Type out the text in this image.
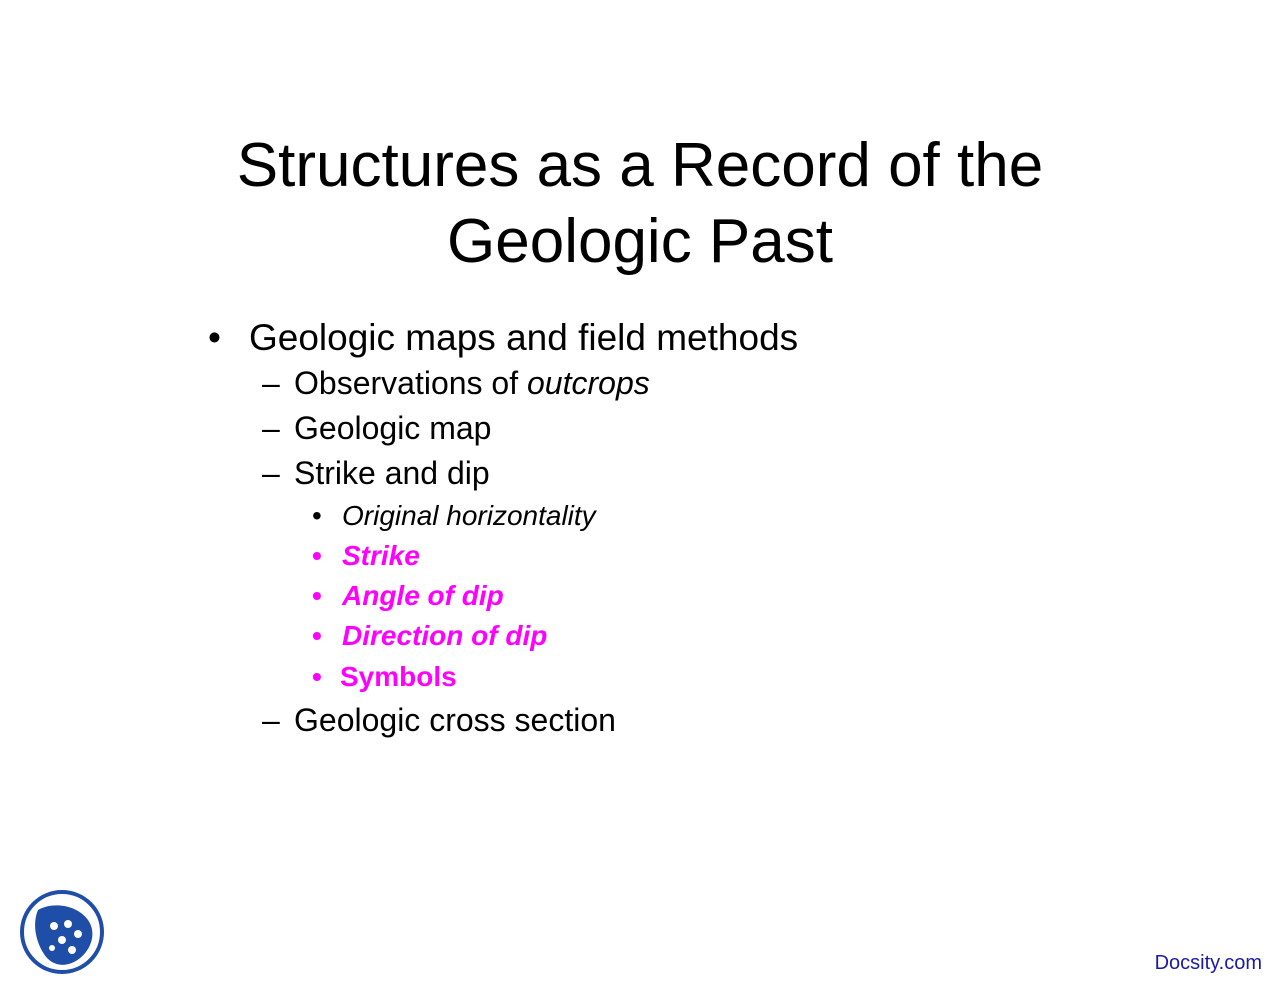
Structures as a Record of the
Geologic Past
• Geologic maps and field methods
– Observations of outcrops
– Geologic map
– Strike and dip
• Original horizontality
• Strike
• Angle of dip
• Direction of dip
• Symbols
– Geologic cross section
Docsity.com
